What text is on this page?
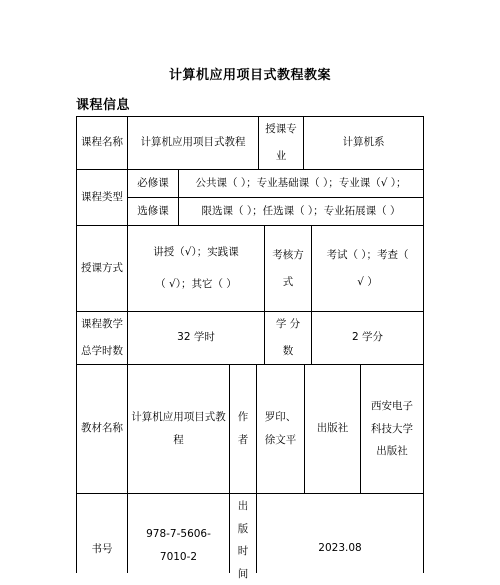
计算机应用项目式教程教案
课程信息
课程名称 计算机应用项目式教程
授课专业
计算机系
课程类型
必修课	公共课（ ）；专业基础课（ ）；专业课（√ ）；
选修课	限选课（ ）；任选课（ ）；专业拓展课（ ）
授课方式
讲授（√）；实践课（ √）；其它（ ）
考核方式
考试（ ）；考查（ √ ）
课程教学总学时数
32 学时
学 分 数
2 学分
教材名称
计算机应用项目式教程
作者
罗印、徐文平
出版社
西安电子科技大学出版社
书号
978-7-5606-7010-2
出版时间
2023.08
